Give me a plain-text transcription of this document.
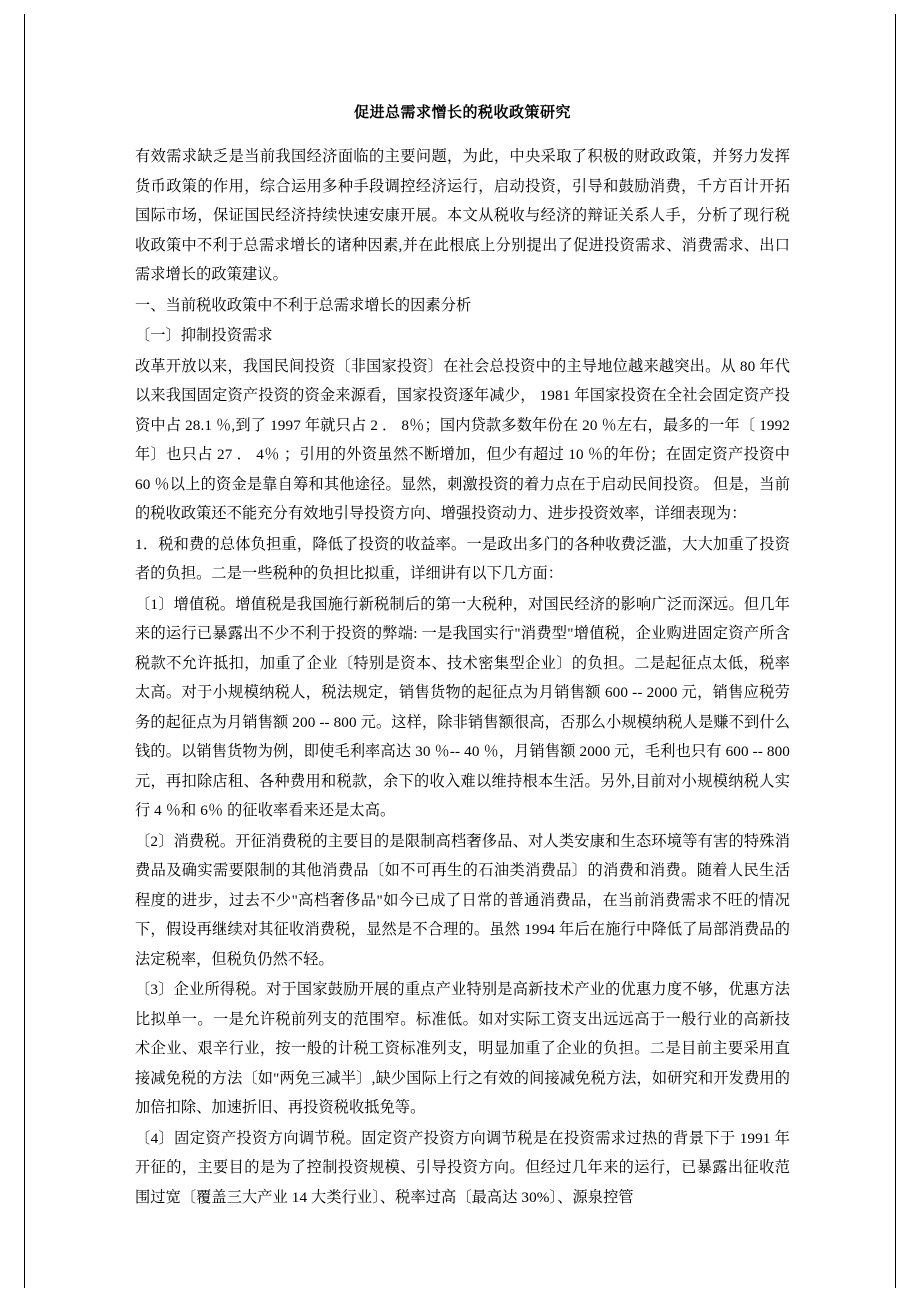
促进总需求憎长的税收政策研究

有效需求缺乏是当前我国经济面临的主要问题，为此，中央采取了积极的财政政策，并努力发挥货币政策的作用，综合运用多种手段调控经济运行，启动投资，引导和鼓励消费，千方百计开拓国际市场，保证国民经济持续快速安康开展。本文从税收与经济的辩证关系人手，分析了现行税收政策中不利于总需求增长的诸种因素,并在此根底上分别提出了促进投资需求、消费需求、出口需求增长的政策建议。

一、当前税收政策中不利于总需求增长的因素分析

〔一〕抑制投资需求

改革开放以来，我国民间投资〔非国家投资〕在社会总投资中的主导地位越来越突出。从 80 年代以来我国固定资产投资的资金来源看，国家投资逐年减少， 1981 年国家投资在全社会固定资产投资中占 28.1 ％,到了 1997 年就只占 2 ． 8％；国内贷款多数年份在 20 ％左右，最多的一年〔 1992 年〕也只占 27 ． 4％ ；引用的外资虽然不断增加，但少有超过 10 ％的年份；在固定资产投资中 60 ％以上的资金是靠自筹和其他途径。显然，刺激投资的着力点在于启动民间投资。 但是，当前的税收政策还不能充分有效地引导投资方向、增强投资动力、进步投资效率，详细表现为：

1．税和费的总体负担重，降低了投资的收益率。一是政出多门的各种收费泛滥，大大加重了投资者的负担。二是一些税种的负担比拟重，详细讲有以下几方面：

〔1〕增值税。增值税是我国施行新税制后的第一大税种，对国民经济的影响广泛而深远。但几年来的运行已暴露出不少不利于投资的弊端: 一是我国实行"消费型"增值税，企业购进固定资产所含税款不允许抵扣，加重了企业〔特别是资本、技术密集型企业〕的负担。二是起征点太低，税率太高。对于小规模纳税人，税法规定，销售货物的起征点为月销售额 600 -- 2000 元，销售应税劳务的起征点为月销售额 200 -- 800 元。这样，除非销售额很高，否那么小规模纳税人是赚不到什么钱的。以销售货物为例，即使毛利率高达 30 ％-- 40 ％，月销售额 2000 元，毛利也只有 600 -- 800 元，再扣除店租、各种费用和税款，余下的收入难以维持根本生活。另外,目前对小规模纳税人实行 4 ％和 6％ 的征收率看来还是太高。

〔2〕消费税。开征消费税的主要目的是限制高档奢侈品、对人类安康和生态环境等有害的特殊消费品及确实需要限制的其他消费品〔如不可再生的石油类消费品〕的消费和消费。随着人民生活程度的进步，过去不少"高档奢侈品"如今已成了日常的普通消费品，在当前消费需求不旺的情况下，假设再继续对其征收消费税，显然是不合理的。虽然 1994 年后在施行中降低了局部消费品的法定税率，但税负仍然不轻。

〔3〕企业所得税。对于国家鼓励开展的重点产业特别是高新技术产业的优惠力度不够，优惠方法比拟单一。一是允许税前列支的范围窄。标准低。如对实际工资支出远远高于一般行业的高新技术企业、艰辛行业，按一般的计税工资标准列支，明显加重了企业的负担。二是目前主要采用直接减免税的方法〔如"两免三减半〕,缺少国际上行之有效的间接减免税方法，如研究和开发费用的加倍扣除、加速折旧、再投资税收抵免等。

〔4〕固定资产投资方向调节税。固定资产投资方向调节税是在投资需求过热的背景下于 1991 年开征的，主要目的是为了控制投资规模、引导投资方向。但经过几年来的运行，已暴露出征收范围过宽〔覆盖三大产业 14 大类行业〕、税率过高〔最高达 30%〕、源泉控管
